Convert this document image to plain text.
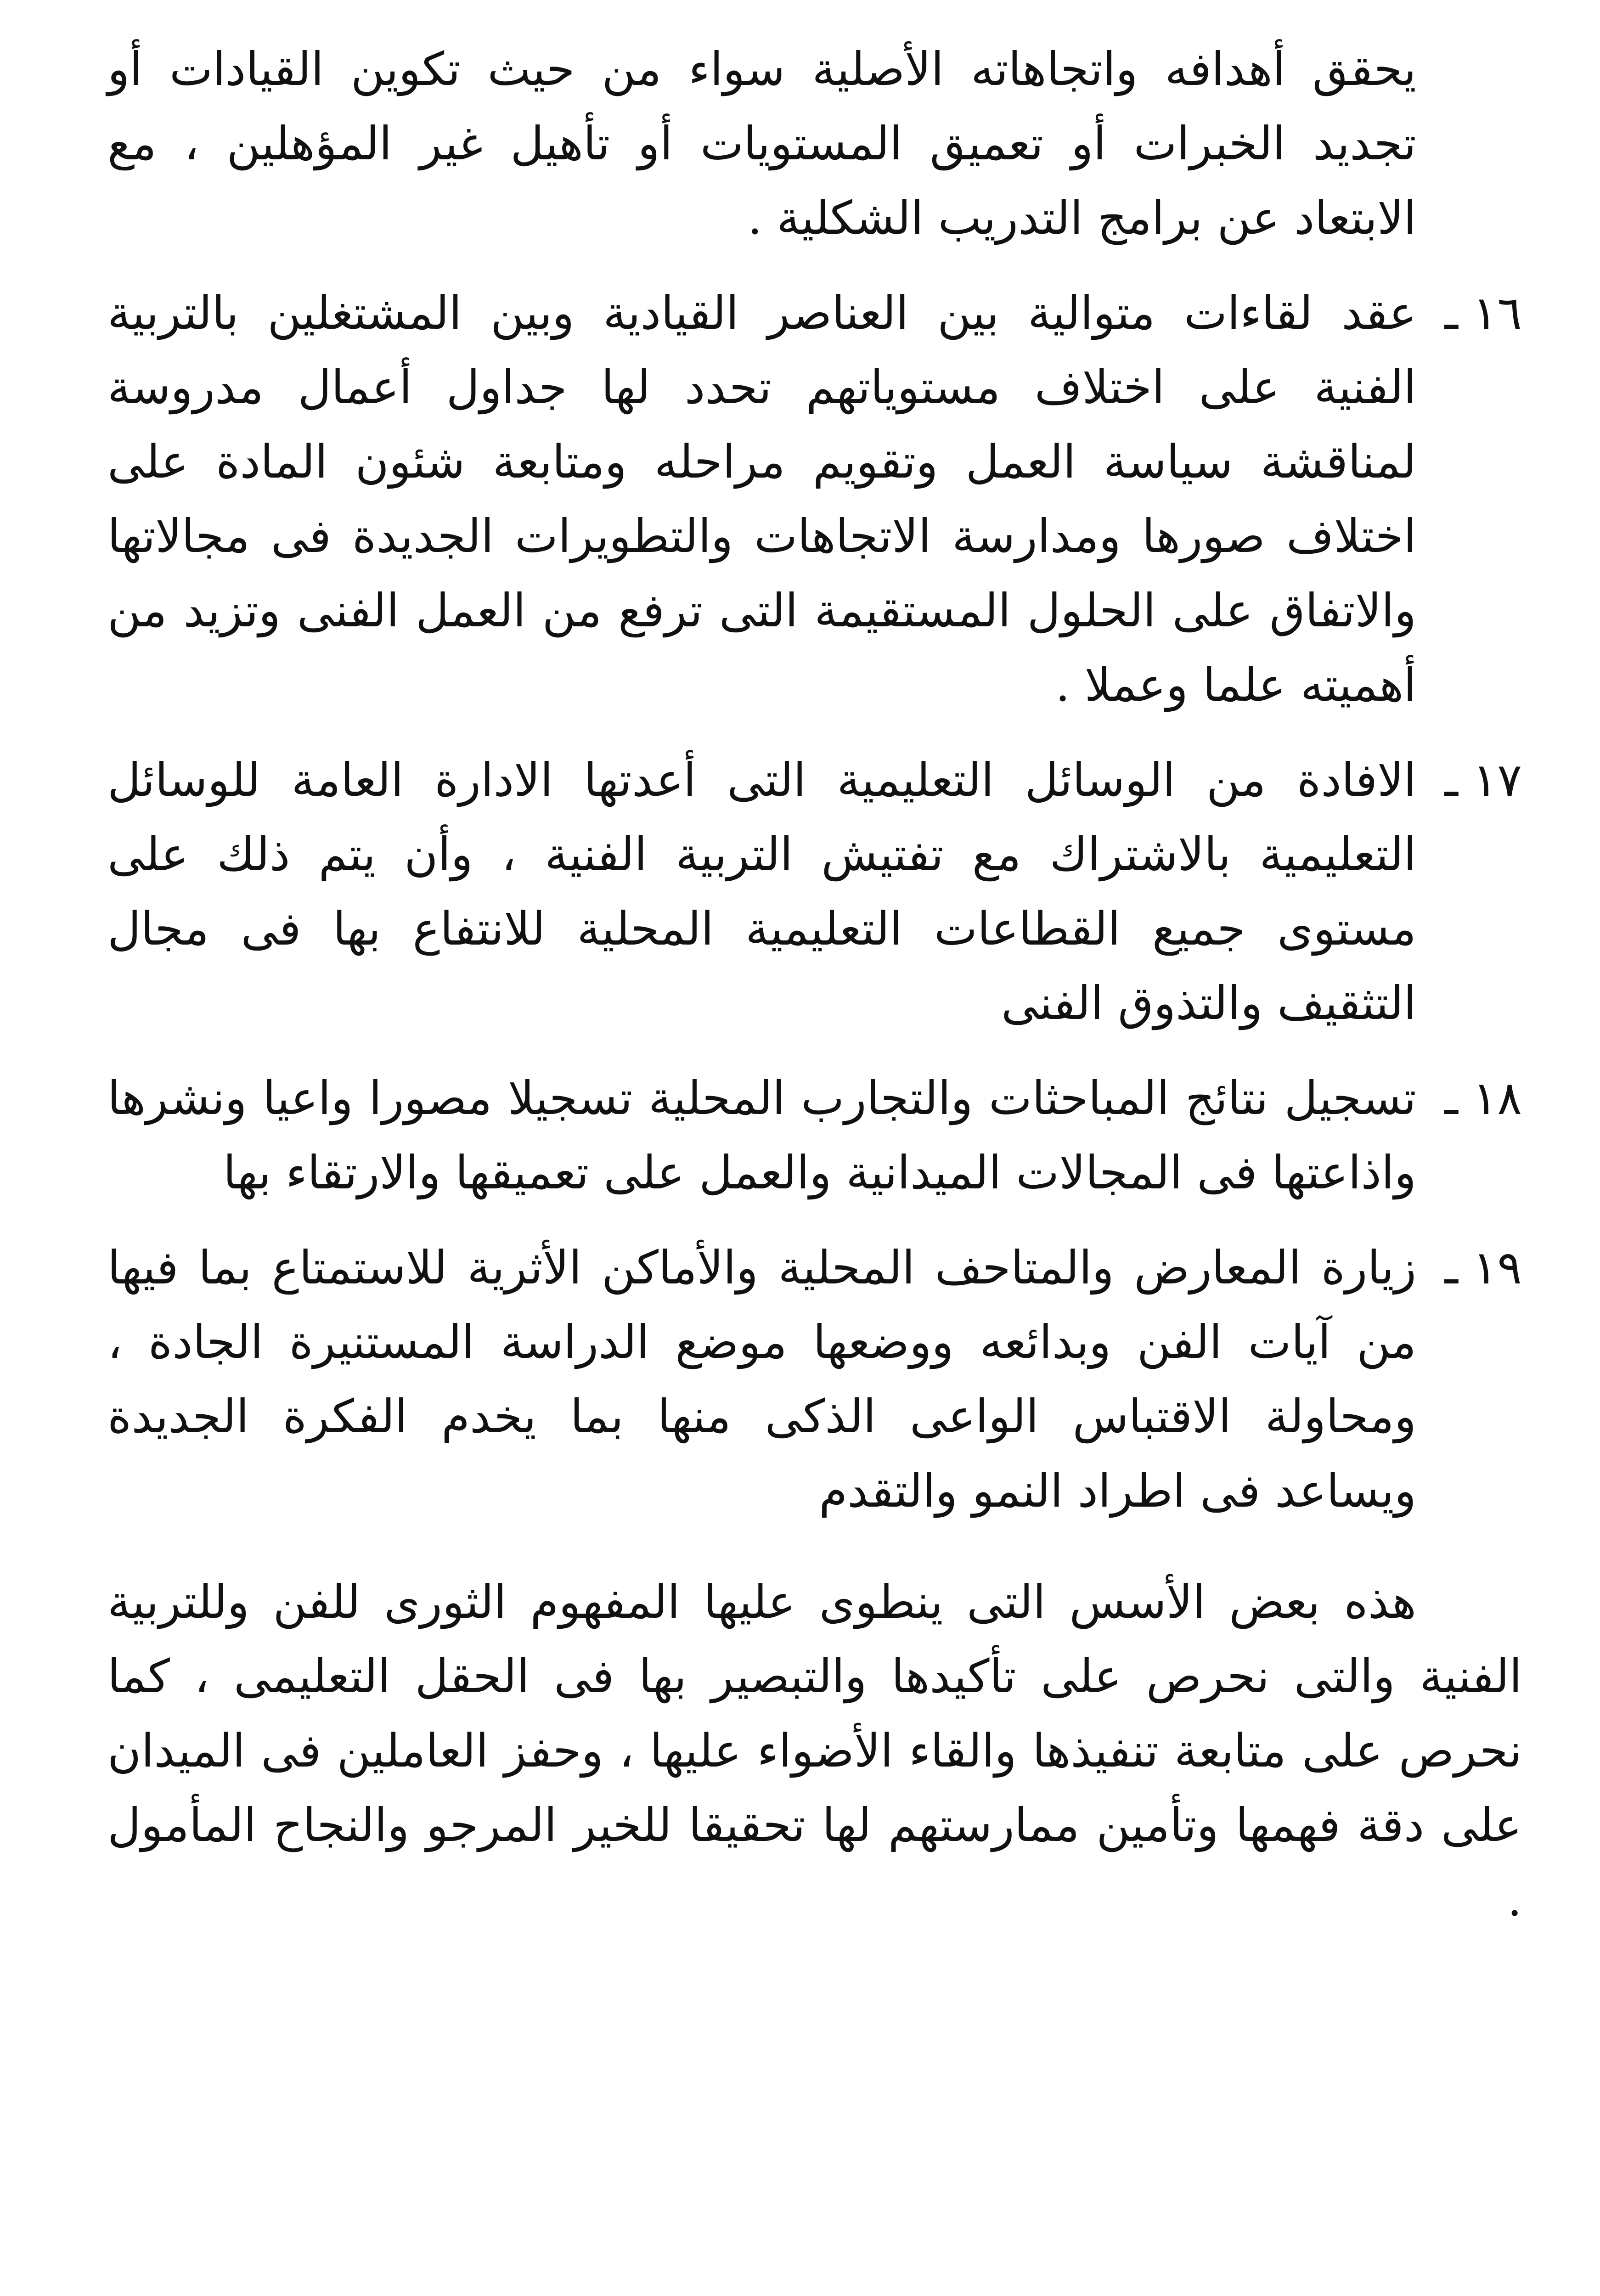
يحقق أهدافه واتجاهاته الأصلية سواء من حيث تكوين القيادات أو تجديد الخبرات أو تعميق المستويات أو تأهيل غير المؤهلين ، مع الابتعاد عن برامج التدريب الشكلية .

١٦ ـ
عقد لقاءات متوالية بين العناصر القيادية وبين المشتغلين بالتربية الفنية على اختلاف مستوياتهم تحدد لها جداول أعمال مدروسة لمناقشة سياسة العمل وتقويم مراحله ومتابعة شئون المادة على اختلاف صورها ومدارسة الاتجاهات والتطويرات الجديدة فى مجالاتها والاتفاق على الحلول المستقيمة التى ترفع من العمل الفنى وتزيد من أهميته علما وعملا .
١٧ ـ
الافادة من الوسائل التعليمية التى أعدتها الادارة العامة للوسائل التعليمية بالاشتراك مع تفتيش التربية الفنية ، وأن يتم ذلك على مستوى جميع القطاعات التعليمية المحلية للانتفاع بها فى مجال التثقيف والتذوق الفنى
١٨ ـ
تسجيل نتائج المباحثات والتجارب المحلية تسجيلا مصورا واعيا ونشرها واذاعتها فى المجالات الميدانية والعمل على تعميقها والارتقاء بها
١٩ ـ
زيارة المعارض والمتاحف المحلية والأماكن الأثرية للاستمتاع بما فيها من آيات الفن وبدائعه ووضعها موضع الدراسة المستنيرة الجادة ، ومحاولة الاقتباس الواعى الذكى منها بما يخدم الفكرة الجديدة ويساعد فى اطراد النمو والتقدم

هذه بعض الأسس التى ينطوى عليها المفهوم الثورى للفن وللتربية الفنية والتى نحرص على تأكيدها والتبصير بها فى الحقل التعليمى ، كما نحرص على متابعة تنفيذها والقاء الأضواء عليها ، وحفز العاملين فى الميدان على دقة فهمها وتأمين ممارستهم لها تحقيقا للخير المرجو والنجاح المأمول .
